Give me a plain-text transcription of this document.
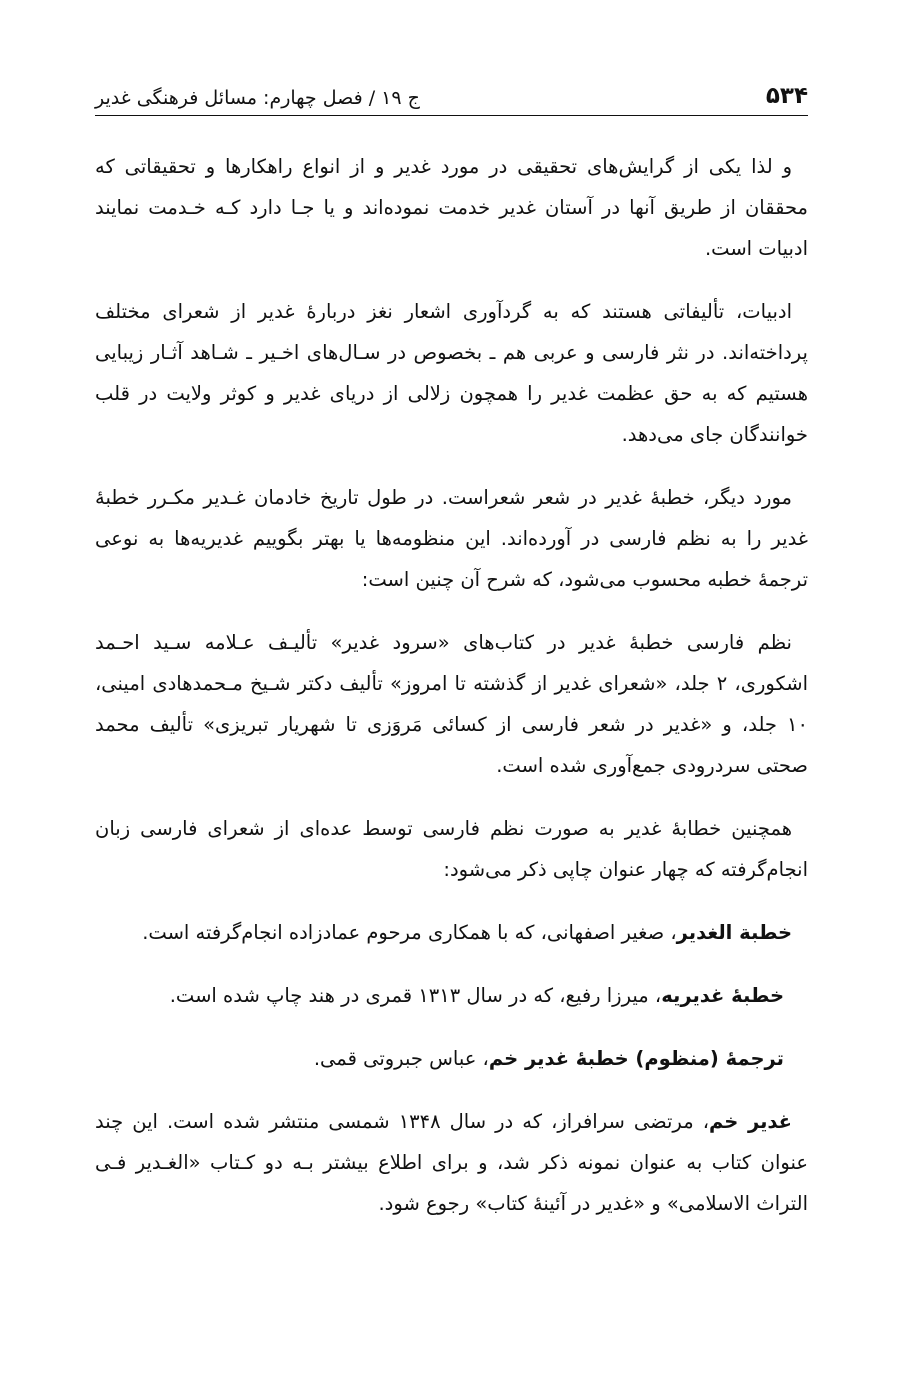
۵۳۴
ج ۱۹ / فصل چهارم: مسائل فرهنگی غدیر

و لذا یکی از گرایش‌های تحقیقی در مورد غدیر و از انواع راهکارها و تحقیقاتی که محققان از طریق آنها در آستان غدیر خدمت نموده‌اند و یا جـا دارد کـه خـدمت نمایند ادبیات است.

ادبیات، تألیفاتی هستند که به گردآوری اشعار نغز دربارۀ غدیر از شعرای مختلف پرداخته‌اند. در نثر فارسی و عربی هم ـ بخصوص در سـال‌های اخـیر ـ شـاهد آثـار زیبایی هستیم که به حق عظمت غدیر را همچون زلالی از دریای غدیر و کوثر ولایت در قلب خوانندگان جای می‌دهد.

مورد دیگر، خطبۀ غدیر در شعر شعراست. در طول تاریخ خادمان غـدیر مکـرر خطبۀ غدیر را به نظم فارسی در آورده‌اند. این منظومه‌ها یا بهتر بگوییم غدیریه‌ها به نوعی ترجمۀ خطبه محسوب می‌شود، که شرح آن چنین است:

نظم فارسی خطبۀ غدیر در کتاب‌های «سرود غدیر» تألیـف عـلامه سـید احـمد اشکوری، ۲ جلد، «شعرای غدیر از گذشته تا امروز» تألیف دکتر شـیخ مـحمدهادی امینی، ۱۰ جلد، و «غدیر در شعر فارسی از کسائی مَروَزی تا شهریار تبریزی» تألیف محمد صحتی سردرودی جمع‌آوری شده است.

همچنین خطابۀ غدیر به صورت نظم فارسی توسط عده‌ای از شعرای فارسی زبان انجام‌گرفته که چهار عنوان چاپی ذکر می‌شود:

خطبة الغدیر، صغیر اصفهانی، که با همکاری مرحوم عمادزاده انجام‌گرفته است.

خطبۀ غدیریه، میرزا رفیع، که در سال ۱۳۱۳ قمری در هند چاپ شده است.

ترجمۀ (منظوم) خطبۀ غدیر خم، عباس جبروتی قمی.

غدیر خم، مرتضی سرافراز، که در سال ۱۳۴۸ شمسی منتشر شده است. این چند عنوان کتاب به عنوان نمونه ذکر شد، و برای اطلاع بیشتر بـه دو کـتاب «الغـدیر فـی التراث الاسلامی» و «غدیر در آئینۀ کتاب» رجوع شود.
